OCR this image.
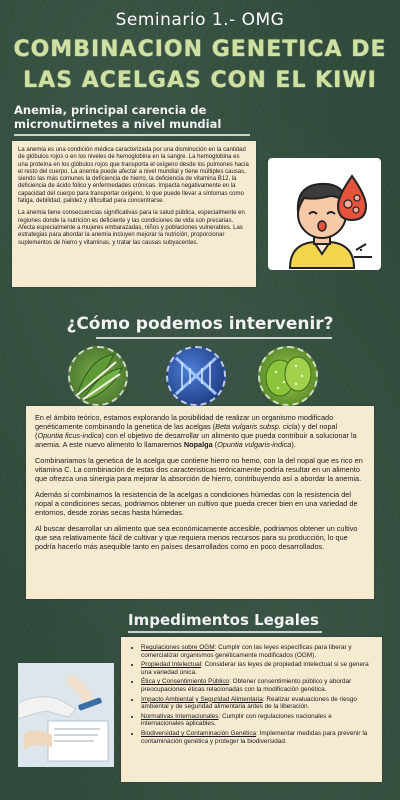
Seminario 1.- OMG
COMBINACION GENETICA DE
LAS ACELGAS CON EL KIWI
Anemia, principal carencia de
micronutirnetes a nivel mundial

La anemia es una condición médica caracterizada por una disminución en la cantidad de glóbulos rojos o en los niveles de hemoglobina en la sangre. La hemoglobina es una proteína en los glóbulos rojos que transporta el oxígeno desde los pulmones hacia el resto del cuerpo. La anemia puede afectar a nivel mundial y tiene múltiples causas, siendo las más comunes la deficiencia de hierro, la deficiencia de vitamina B12, la deficiencia de ácido fólico y enfermedades crónicas. Impacta negativamente en la capacidad del cuerpo para transportar oxígeno, lo que puede llevar a síntomas como fatiga, debilidad, palidez y dificultad para concentrarse.

La anemia tiene consecuencias significativas para la salud pública, especialmente en regiones donde la nutrición es deficiente y las condiciones de vida son precarias. Afecta especialmente a mujeres embarazadas, niños y poblaciones vulnerables. Las estrategias para abordar la anemia incluyen mejorar la nutrición, proporcionar suplementos de hierro y vitaminas, y tratar las causas subyacentes.

¿Cómo podemos intervenir?

En el ámbito teórico, estamos explorando la posibilidad de realizar un organismo modificado genéticamente combinando la genetica de las acelgas (Beta vulgaris subsp. cicla) y del nopal (Opuntia ficus-indica) con el objetivo de desarrollar un alimento que pueda contribuir a solucionar la anemia. A este nuevo alimento lo llamaremos Nopalga (Opuntia vulgaris-indica).

Combinariamos la genetica de la acelga que contiene hierro no hemo, con la del nopal que es rico en vitamina C. La combinación de estas dos caracteristicas teóricamente podría resultar en un alimento que ofrezca una sinergia para mejorar la absorción de hierro, contribuyendo así a abordar la anemia.

Además si combinamos la resistencia de la acelgas a condiciones húmedas con la resistencia del nopal a condiciones secas, podriamos obtener un cultivo que pueda crecer bien en una variedad de entornos, desde zonas secas hasta húmedas.

Al buscar desarrollar un alimento que sea económicamente accesible, podriamos obtener un cultivo que sea relativamente fácil de cultivar y que requiera menos recursos para su producción, lo que podría hacerlo más asequible tanto en países desarrollados como en poco desarrollados.

Impedimentos Legales
• Regulaciones sobre OGM: Cumplir con las leyes específicas para liberar y comercializar organismos genéticamente modificados (OGM).
• Propiedad Intelectual: Considerar las leyes de propiedad intelectual si se genera una variedad única.
• Ética y Consentimiento Público: Obtener consentimiento público y abordar preocupaciones éticas relacionadas con la modificación genética.
• Impacto Ambiental y Seguridad Alimentaria: Realizar evaluaciones de riesgo ambiental y de seguridad alimentaria antes de la liberación.
• Normativas Internacionales: Cumplir con regulaciones nacionales e internacionales aplicables.
• Biodiversidad y Contaminación Genética: Implementar medidas para prevenir la contaminación genética y proteger la biodiversidad.
